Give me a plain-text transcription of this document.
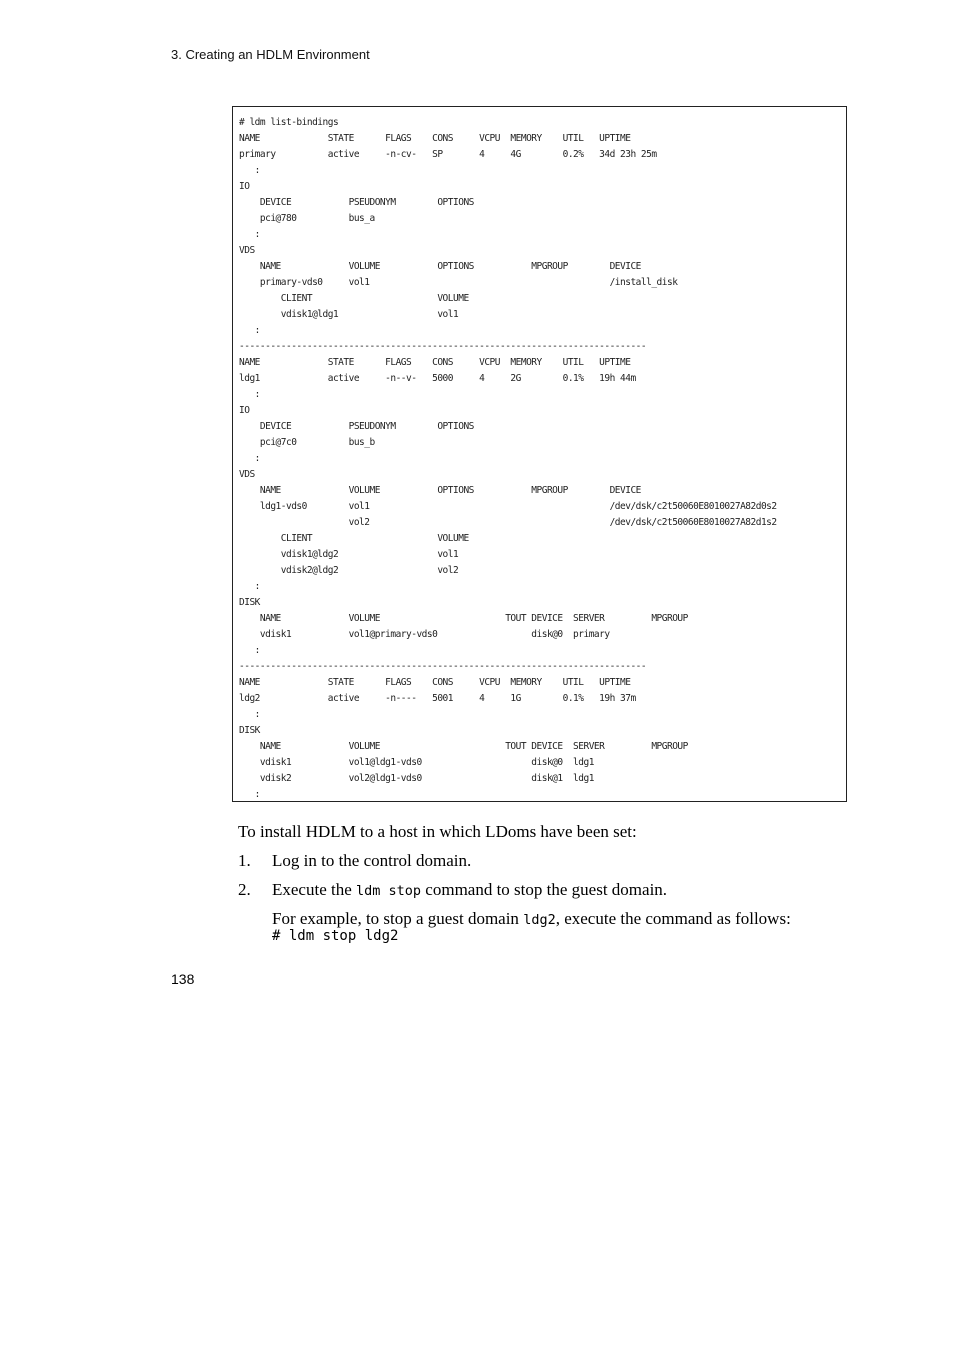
3. Creating an HDLM Environment
# ldm list-bindings
NAME             STATE      FLAGS    CONS     VCPU  MEMORY    UTIL   UPTIME
primary          active     -n-cv-   SP       4     4G        0.2%   34d 23h 25m
:
IO
DEVICE           PSEUDONYM        OPTIONS
pci@780          bus_a
:
VDS
NAME             VOLUME           OPTIONS           MPGROUP        DEVICE
primary-vds0     vol1                                              /install_disk
CLIENT                        VOLUME
vdisk1@ldg1                   vol1
:
------------------------------------------------------------------------------
NAME             STATE      FLAGS    CONS     VCPU  MEMORY    UTIL   UPTIME
ldg1             active     -n--v-   5000     4     2G        0.1%   19h 44m
:
IO
DEVICE           PSEUDONYM        OPTIONS
pci@7c0          bus_b
:
VDS
NAME             VOLUME           OPTIONS           MPGROUP        DEVICE
ldg1-vds0        vol1                                              /dev/dsk/c2t50060E8010027A82d0s2
vol2                                              /dev/dsk/c2t50060E8010027A82d1s2
CLIENT                        VOLUME
vdisk1@ldg2                   vol1
vdisk2@ldg2                   vol2
:
DISK
NAME             VOLUME                        TOUT DEVICE  SERVER         MPGROUP
vdisk1           vol1@primary-vds0                  disk@0  primary
:
------------------------------------------------------------------------------
NAME             STATE      FLAGS    CONS     VCPU  MEMORY    UTIL   UPTIME
ldg2             active     -n----   5001     4     1G        0.1%   19h 37m
:
DISK
NAME             VOLUME                        TOUT DEVICE  SERVER         MPGROUP
vdisk1           vol1@ldg1-vds0                     disk@0  ldg1
vdisk2           vol2@ldg1-vds0                     disk@1  ldg1
:
To install HDLM to a host in which LDoms have been set:
1. Log in to the control domain.
2. Execute the ldm stop command to stop the guest domain.
For example, to stop a guest domain ldg2, execute the command as follows:
# ldm stop ldg2
138
